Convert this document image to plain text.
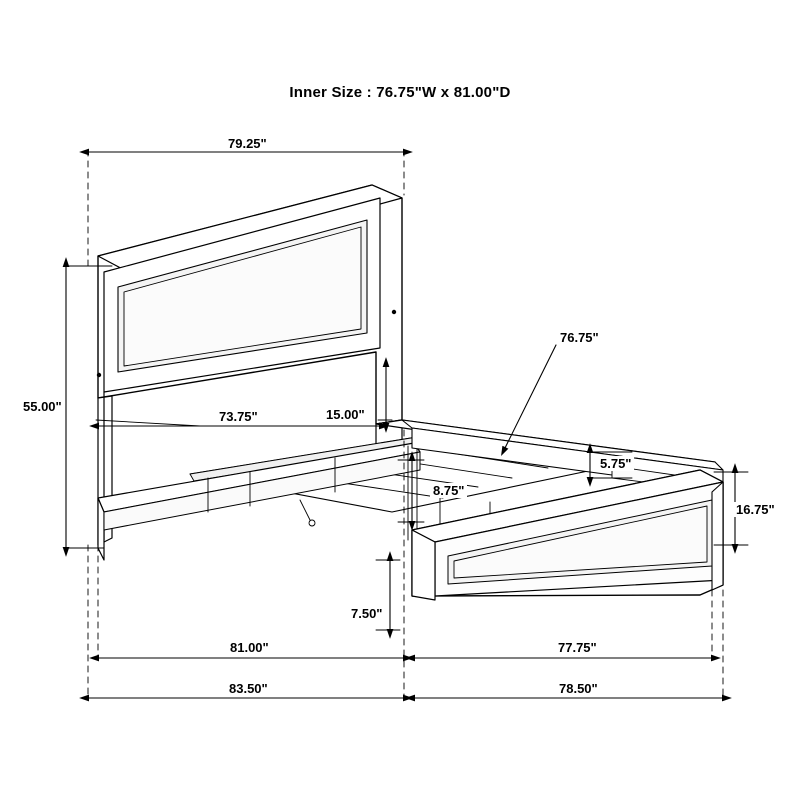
Inner Size : 76.75"W x 81.00"D
79.25"
55.00"
73.75"	15.00"
76.75"
5.75"
16.75"
8.75"
7.50"
81.00"	77.75"
83.50"	78.50"
